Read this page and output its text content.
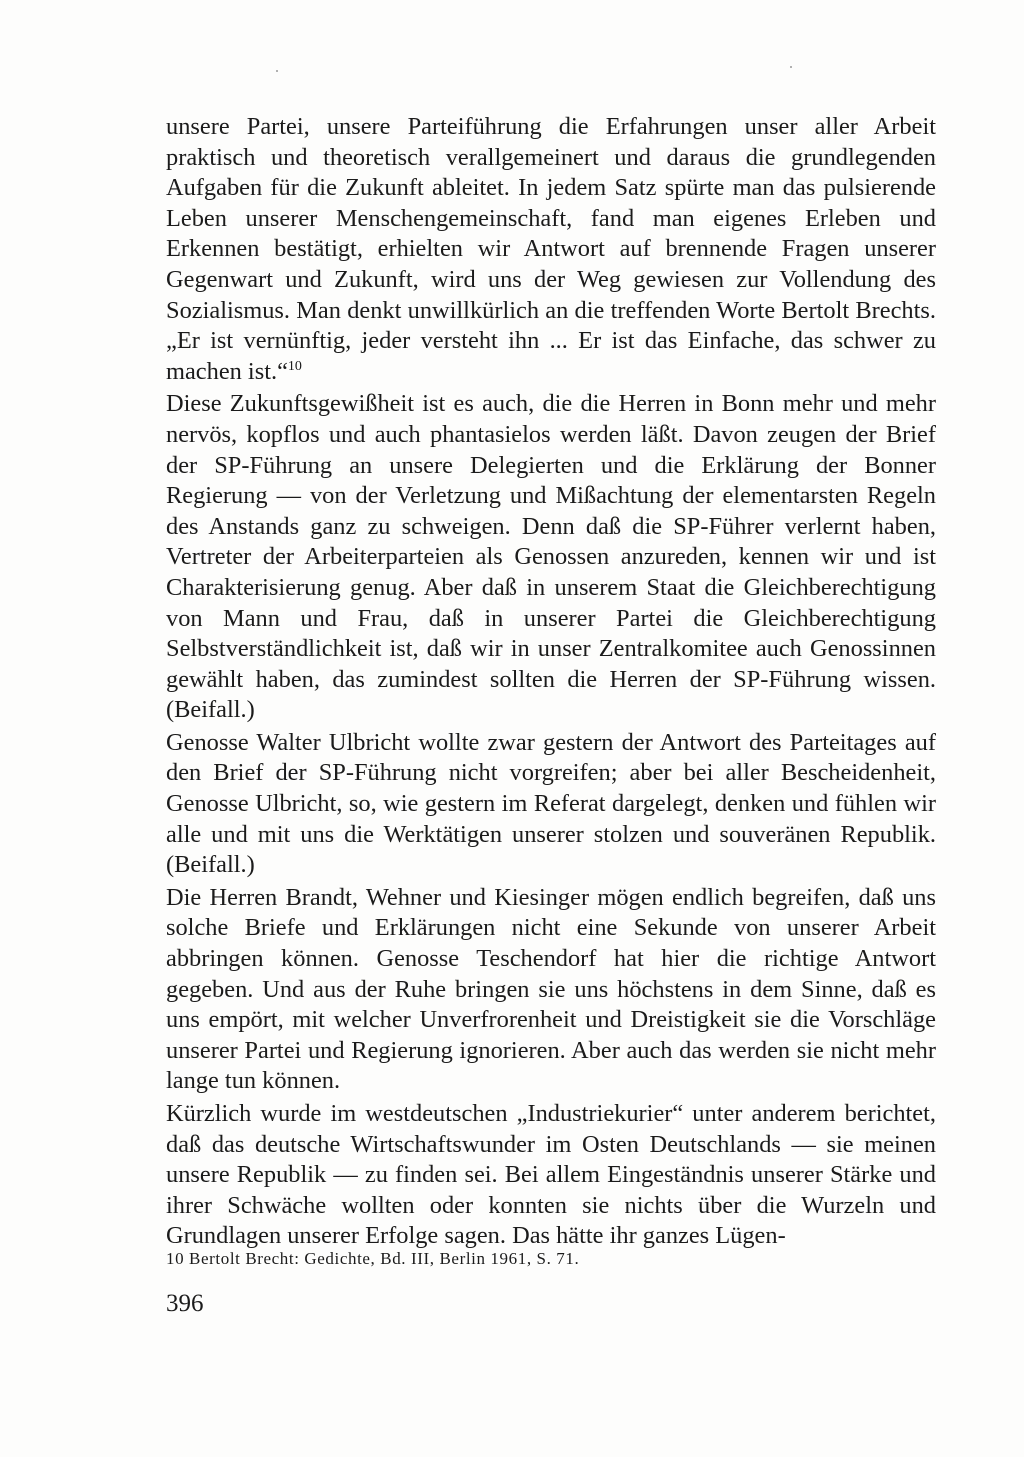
unsere Partei, unsere Parteiführung die Erfahrungen unser aller Arbeit praktisch und theoretisch verallgemeinert und daraus die grundlegenden Aufgaben für die Zukunft ableitet. In jedem Satz spürte man das pulsierende Leben unserer Menschengemeinschaft, fand man eigenes Erleben und Erkennen bestätigt, erhielten wir Antwort auf brennende Fragen unserer Gegenwart und Zukunft, wird uns der Weg gewiesen zur Vollendung des Sozialismus. Man denkt unwillkürlich an die treffenden Worte Bertolt Brechts. „Er ist vernünftig, jeder versteht ihn ... Er ist das Einfache, das schwer zu machen ist.“$^{10}$

Diese Zukunftsgewißheit ist es auch, die die Herren in Bonn mehr und mehr nervös, kopflos und auch phantasielos werden läßt. Davon zeugen der Brief der SP-Führung an unsere Delegierten und die Erklärung der Bonner Regierung — von der Verletzung und Mißachtung der elementarsten Regeln des Anstands ganz zu schweigen. Denn daß die SP-Führer verlernt haben, Vertreter der Arbeiterparteien als Genossen anzureden, kennen wir und ist Charakterisierung genug. Aber daß in unserem Staat die Gleichberechtigung von Mann und Frau, daß in unserer Partei die Gleichberechtigung Selbstverständlichkeit ist, daß wir in unser Zentralkomitee auch Genossinnen gewählt haben, das zumindest sollten die Herren der SP-Führung wissen. (Beifall.)

Genosse Walter Ulbricht wollte zwar gestern der Antwort des Parteitages auf den Brief der SP-Führung nicht vorgreifen; aber bei aller Bescheidenheit, Genosse Ulbricht, so, wie gestern im Referat dargelegt, denken und fühlen wir alle und mit uns die Werktätigen unserer stolzen und souveränen Republik. (Beifall.)

Die Herren Brandt, Wehner und Kiesinger mögen endlich begreifen, daß uns solche Briefe und Erklärungen nicht eine Sekunde von unserer Arbeit abbringen können. Genosse Teschendorf hat hier die richtige Antwort gegeben. Und aus der Ruhe bringen sie uns höchstens in dem Sinne, daß es uns empört, mit welcher Unverfrorenheit und Dreistigkeit sie die Vorschläge unserer Partei und Regierung ignorieren. Aber auch das werden sie nicht mehr lange tun können.

Kürzlich wurde im westdeutschen „Industriekurier“ unter anderem berichtet, daß das deutsche Wirtschaftswunder im Osten Deutschlands — sie meinen unsere Republik — zu finden sei. Bei allem Eingeständnis unserer Stärke und ihrer Schwäche wollten oder konnten sie nichts über die Wurzeln und Grundlagen unserer Erfolge sagen. Das hätte ihr ganzes Lügen-

10 Bertolt Brecht: Gedichte, Bd. III, Berlin 1961, S. 71.
396
